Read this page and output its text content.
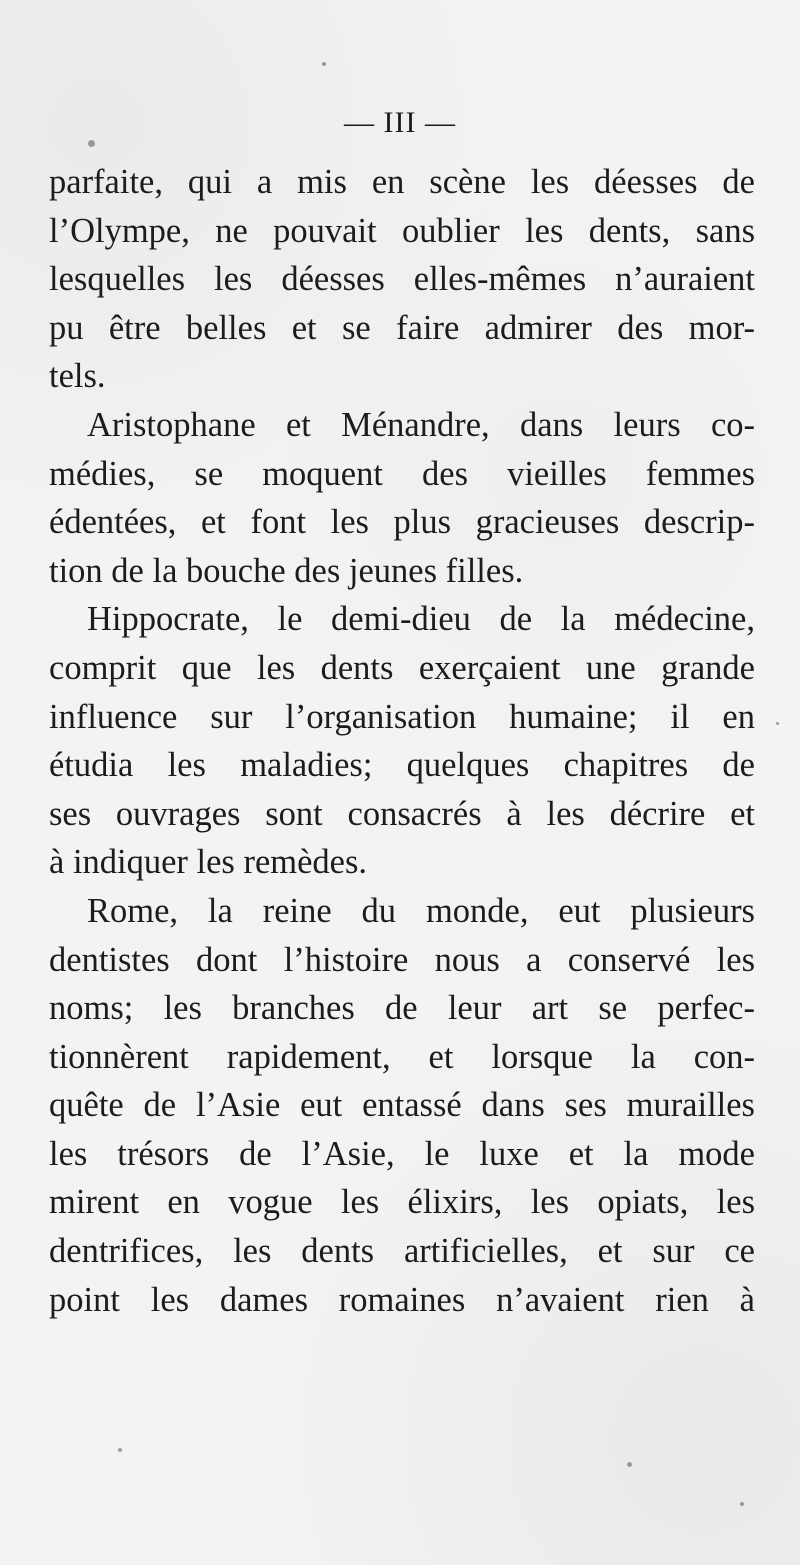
— III —
parfaite, qui a mis en scène les déesses de
l’Olympe, ne pouvait oublier les dents, sans
lesquelles les déesses elles-mêmes n’auraient
pu être belles et se faire admirer des mor-
tels.
Aristophane et Ménandre, dans leurs co-
médies, se moquent des vieilles femmes
édentées, et font les plus gracieuses descrip-
tion de la bouche des jeunes filles.
Hippocrate, le demi-dieu de la médecine,
comprit que les dents exerçaient une grande
influence sur l’organisation humaine; il en
étudia les maladies; quelques chapitres de
ses ouvrages sont consacrés à les décrire et
à indiquer les remèdes.
Rome, la reine du monde, eut plusieurs
dentistes dont l’histoire nous a conservé les
noms; les branches de leur art se perfec-
tionnèrent rapidement, et lorsque la con-
quête de l’Asie eut entassé dans ses murailles
les trésors de l’Asie, le luxe et la mode
mirent en vogue les élixirs, les opiats, les
dentrifices, les dents artificielles, et sur ce
point les dames romaines n’avaient rien à
